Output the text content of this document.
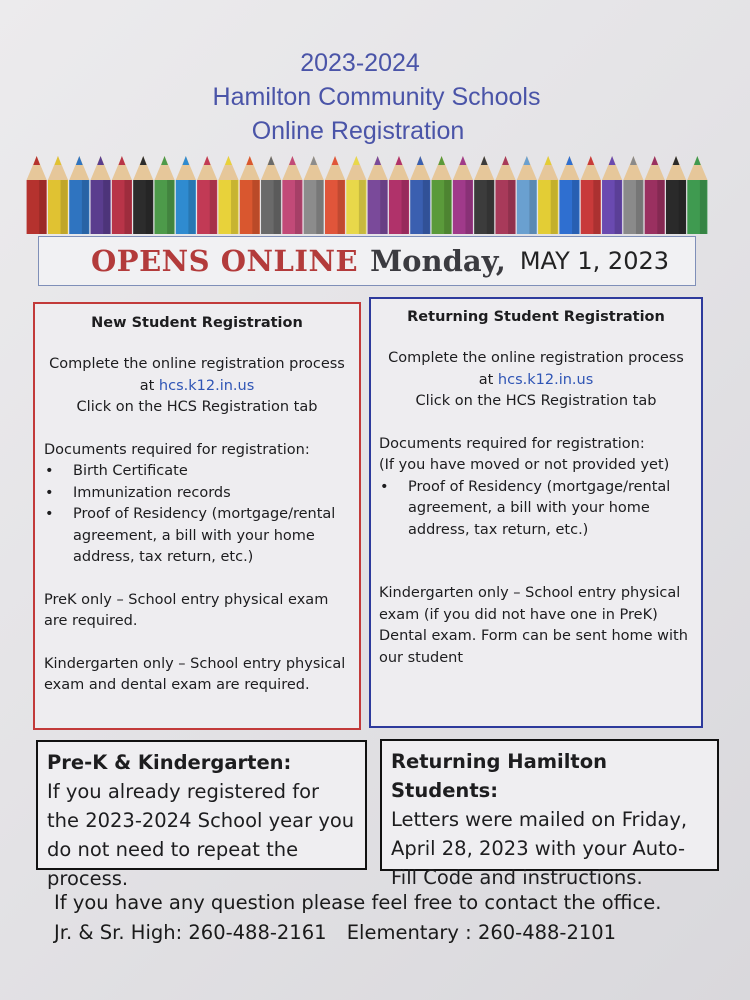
2023-2024
Hamilton Community Schools
Online Registration
OPENS ONLINE Monday, MAY 1, 2023
New Student Registration
Complete the online registration process
at hcs.k12.in.us
Click on the HCS Registration tab
Documents required for registration:
• Birth Certificate
• Immunization records
• Proof of Residency (mortgage/rental agreement, a bill with your home address, tax return, etc.)
PreK only – School entry physical exam are required.
Kindergarten only – School entry physical exam and dental exam are required.
Returning Student Registration
Complete the online registration process
at hcs.k12.in.us
Click on the HCS Registration tab
Documents required for registration:
(If you have moved or not provided yet)
• Proof of Residency (mortgage/rental agreement, a bill with your home address, tax return, etc.)
Kindergarten only – School entry physical exam (if you did not have one in PreK) Dental exam. Form can be sent home with our student
Pre-K & Kindergarten:
If you already registered for the 2023-2024 School year you do not need to repeat the process.
Returning Hamilton Students:
Letters were mailed on Friday, April 28, 2023 with your Auto-Fill Code and instructions.
If you have any question please feel free to contact the office.
Jr. & Sr. High: 260-488-2161 Elementary : 260-488-2101
